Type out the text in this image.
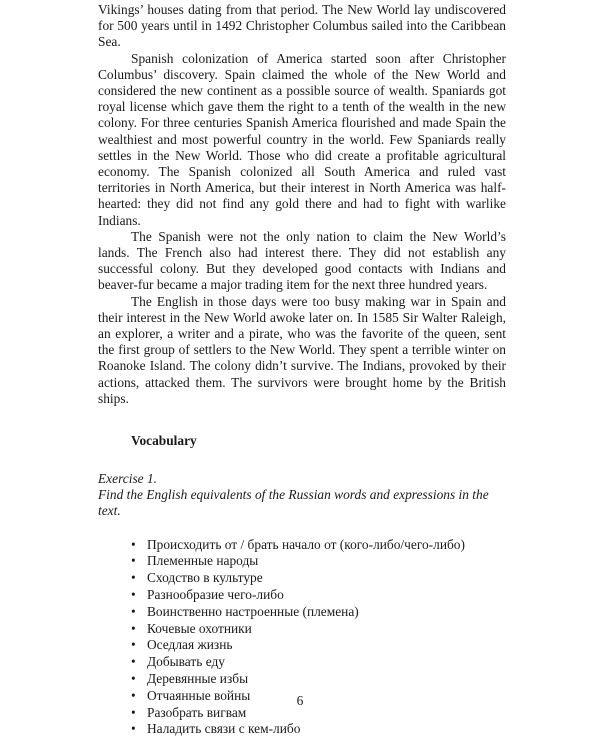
Vikings’ houses dating from that period. The New World lay undiscovered for 500 years until in 1492 Christopher Columbus sailed into the Caribbean Sea.

Spanish colonization of America started soon after Christopher Columbus’ discovery. Spain claimed the whole of the New World and considered the new continent as a possible source of wealth. Spaniards got royal license which gave them the right to a tenth of the wealth in the new colony. For three centuries Spanish America flourished and made Spain the wealthiest and most powerful country in the world. Few Spaniards really settles in the New World. Those who did create a profitable agricultural economy. The Spanish colonized all South America and ruled vast territories in North America, but their interest in North America was half-hearted: they did not find any gold there and had to fight with warlike Indians.

The Spanish were not the only nation to claim the New World’s lands. The French also had interest there. They did not establish any successful colony. But they developed good contacts with Indians and beaver-fur became a major trading item for the next three hundred years.

The English in those days were too busy making war in Spain and their interest in the New World awoke later on. In 1585 Sir Walter Raleigh, an explorer, a writer and a pirate, who was the favorite of the queen, sent the first group of settlers to the New World. They spent a terrible winter on Roanoke Island. The colony didn’t survive. The Indians, provoked by their actions, attacked them. The survivors were brought home by the British ships.

Vocabulary

Exercise 1.

Find the English equivalents of the Russian words and expressions in the text.

• Происходить от / брать начало от (кого-либо/чего-либо)
• Племенные народы
• Сходство в культуре
• Разнообразие чего-либо
• Воинственно настроенные (племена)
• Кочевые охотники
• Оседлая жизнь
• Добывать еду
• Деревянные избы
• Отчаянные войны
• Разобрать вигвам
• Наладить связи с кем-либо
6
